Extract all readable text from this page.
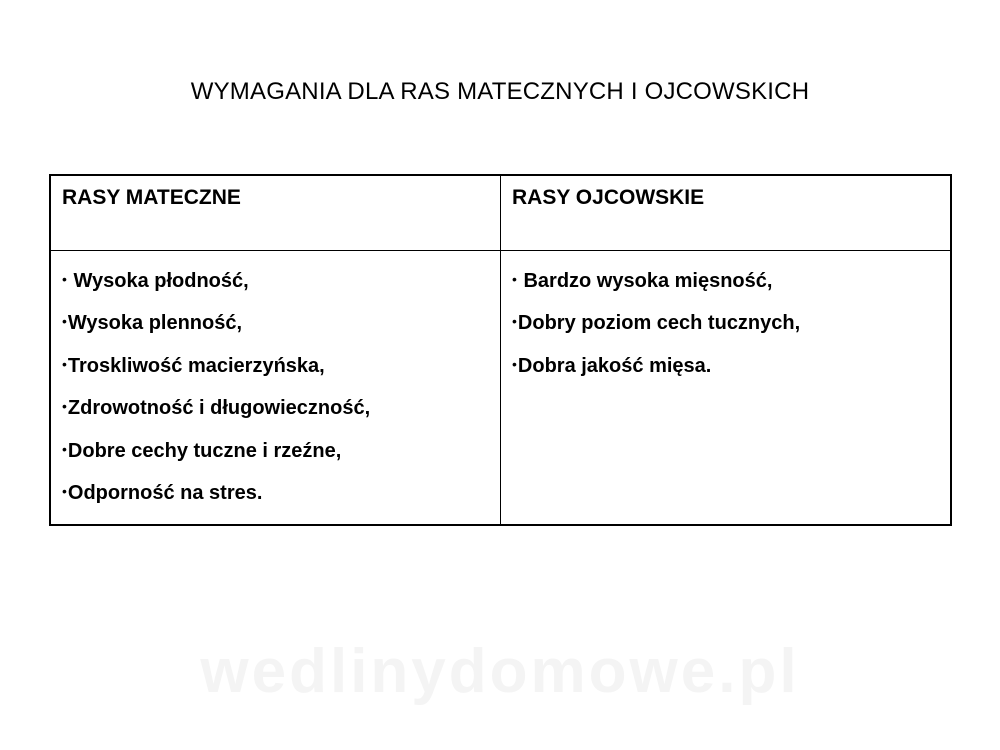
WYMAGANIA DLA RAS MATECZNYCH I OJCOWSKICH
RASY MATECZNE	RASY OJCOWSKIE
• Wysoka płodność,
•Wysoka plenność,
•Troskliwość macierzyńska,
•Zdrowotność i długowieczność,
•Dobre cechy tuczne i rzeźne,
•Odporność na stres.
• Bardzo wysoka mięsność,
•Dobry poziom cech tucznych,
•Dobra jakość mięsa.
wedlinydomowe.pl
